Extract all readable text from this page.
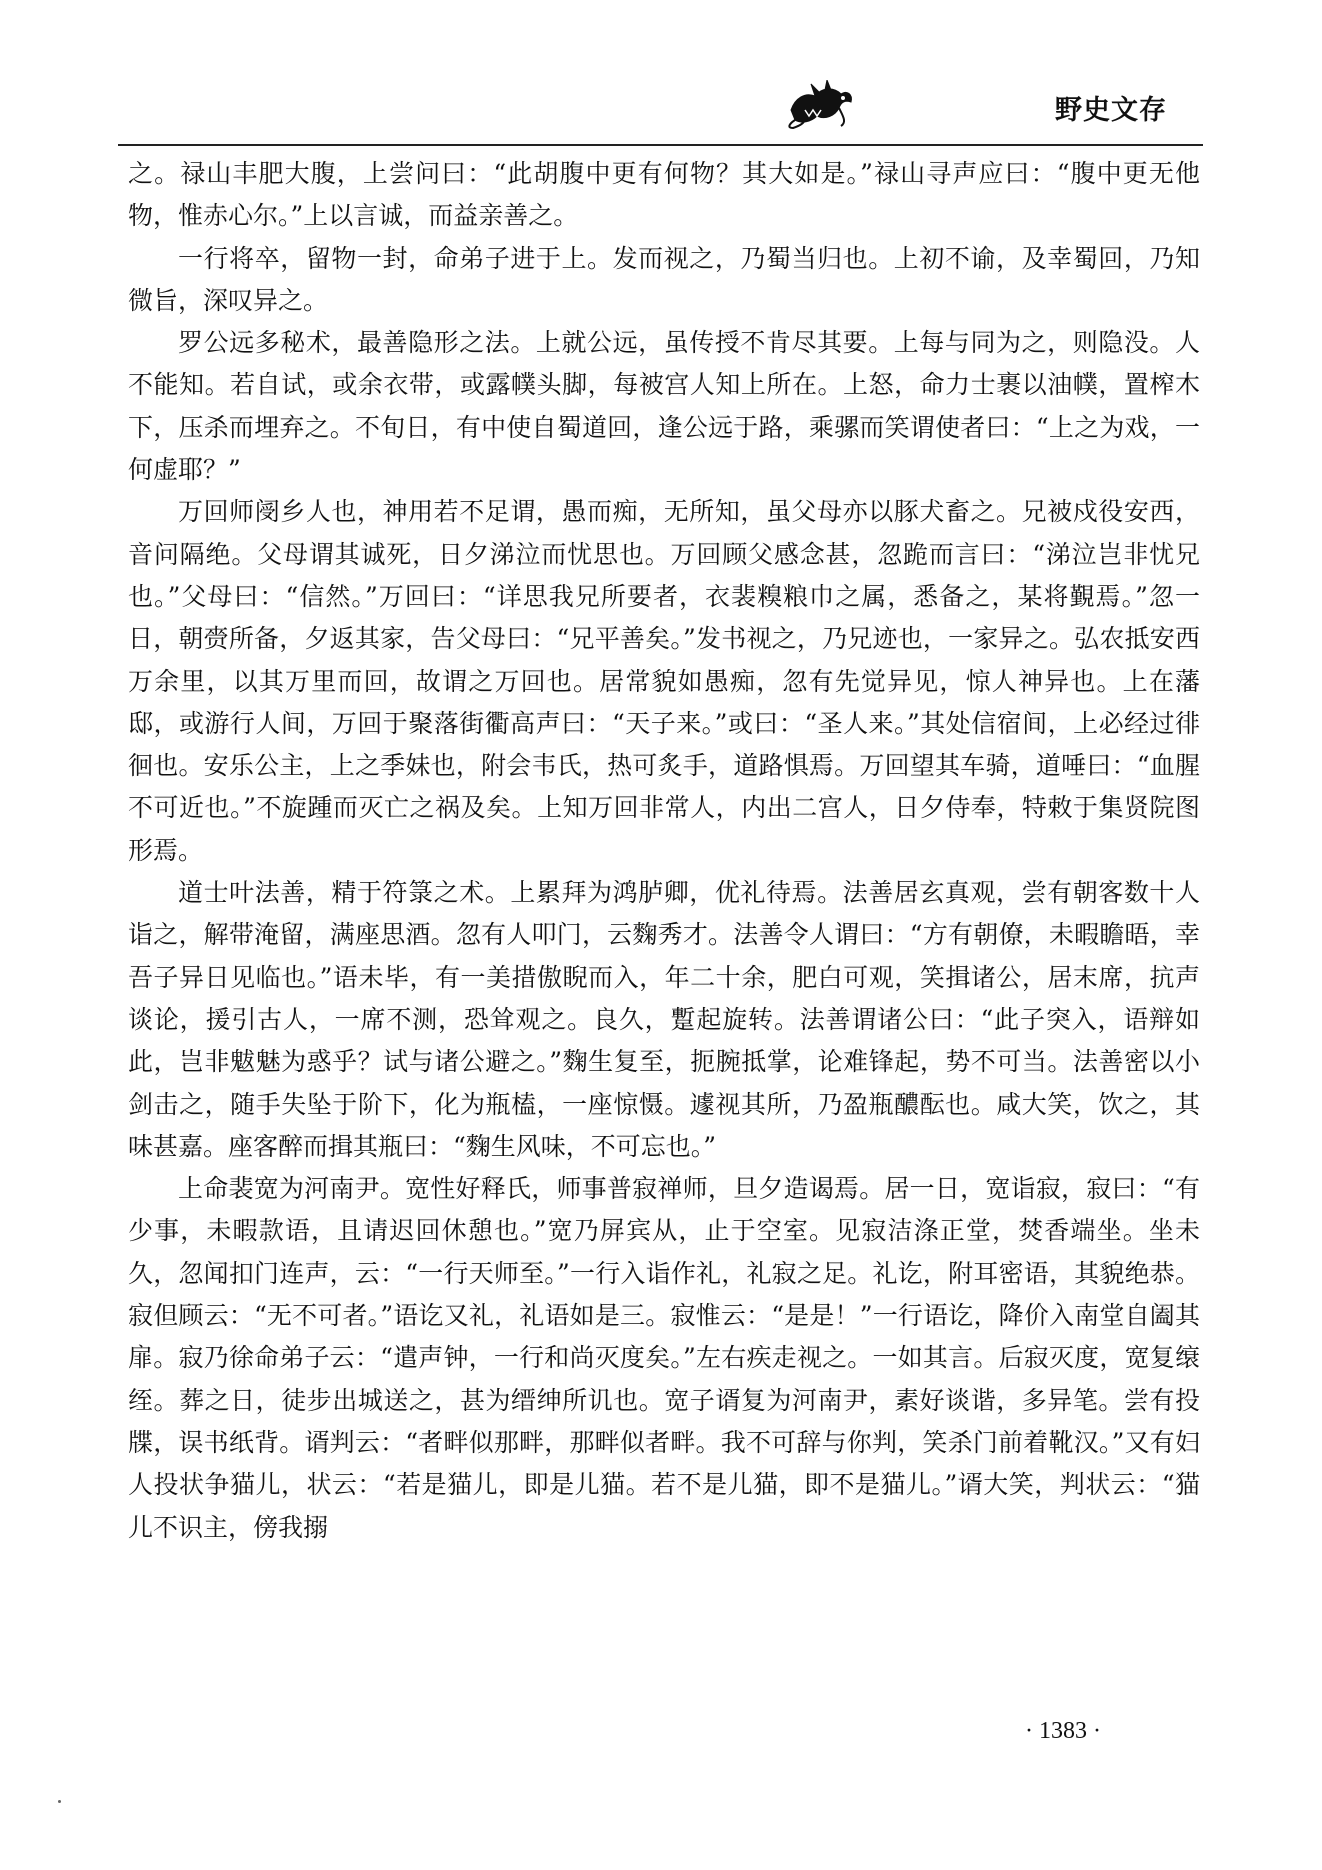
野史文存

之。禄山丰肥大腹，上尝问曰：“此胡腹中更有何物？其大如是。”禄山寻声应曰：“腹中更无他物，惟赤心尔。”上以言诚，而益亲善之。

一行将卒，留物一封，命弟子进于上。发而视之，乃蜀当归也。上初不谕，及幸蜀回，乃知微旨，深叹异之。

罗公远多秘术，最善隐形之法。上就公远，虽传授不肯尽其要。上每与同为之，则隐没。人不能知。若自试，或余衣带，或露幞头脚，每被宫人知上所在。上怒，命力士裹以油幞，置榨木下，压杀而埋弃之。不旬日，有中使自蜀道回，逢公远于路，乘骡而笑谓使者曰：“上之为戏，一何虚耶？”

万回师阌乡人也，神用若不足谓，愚而痴，无所知，虽父母亦以豚犬畜之。兄被戍役安西，音问隔绝。父母谓其诚死，日夕涕泣而忧思也。万回顾父感念甚，忽跪而言曰：“涕泣岂非忧兄也。”父母曰：“信然。”万回曰：“详思我兄所要者，衣裴糗粮巾之属，悉备之，某将覲焉。”忽一日，朝赍所备，夕返其家，告父母曰：“兄平善矣。”发书视之，乃兄迹也，一家异之。弘农抵安西万余里，以其万里而回，故谓之万回也。居常貌如愚痴，忽有先觉异见，惊人神异也。上在藩邸，或游行人间，万回于聚落街衢高声曰：“天子来。”或曰：“圣人来。”其处信宿间，上必经过徘徊也。安乐公主，上之季妹也，附会韦氏，热可炙手，道路惧焉。万回望其车骑，道唾曰：“血腥不可近也。”不旋踵而灭亡之祸及矣。上知万回非常人，内出二宫人，日夕侍奉，特敕于集贤院图形焉。

道士叶法善，精于符箓之术。上累拜为鸿胪卿，优礼待焉。法善居玄真观，尝有朝客数十人诣之，解带淹留，满座思酒。忽有人叩门，云麴秀才。法善令人谓曰：“方有朝僚，未暇瞻晤，幸吾子异日见临也。”语未毕，有一美措傲睨而入，年二十余，肥白可观，笑揖诸公，居末席，抗声谈论，援引古人，一席不测，恐耸观之。良久，蹔起旋转。法善谓诸公曰：“此子突入，语辩如此，岂非魃魅为惑乎？试与诸公避之。”麴生复至，扼腕抵掌，论难锋起，势不可当。法善密以小剑击之，随手失坠于阶下，化为瓶榼，一座惊慑。遽视其所，乃盈瓶醲酝也。咸大笑，饮之，其味甚嘉。座客醉而揖其瓶曰：“麴生风味，不可忘也。”

上命裴宽为河南尹。宽性好释氏，师事普寂禅师，旦夕造谒焉。居一日，宽诣寂，寂曰：“有少事，未暇款语，且请迟回休憩也。”宽乃屏宾从，止于空室。见寂洁涤正堂，焚香端坐。坐未久，忽闻扣门连声，云：“一行天师至。”一行入诣作礼，礼寂之足。礼讫，附耳密语，其貌绝恭。寂但顾云：“无不可者。”语讫又礼，礼语如是三。寂惟云：“是是！”一行语讫，降价入南堂自阖其扉。寂乃徐命弟子云：“遣声钟，一行和尚灭度矣。”左右疾走视之。一如其言。后寂灭度，宽复缞绖。葬之日，徒步出城送之，甚为缙绅所讥也。宽子谞复为河南尹，素好谈谐，多异笔。尝有投牒，误书纸背。谞判云：“者畔似那畔，那畔似者畔。我不可辞与你判，笑杀门前着靴汉。”又有妇人投状争猫儿，状云：“若是猫儿，即是儿猫。若不是儿猫，即不是猫儿。”谞大笑，判状云：“猫儿不识主，傍我搦

· 1383 ·
